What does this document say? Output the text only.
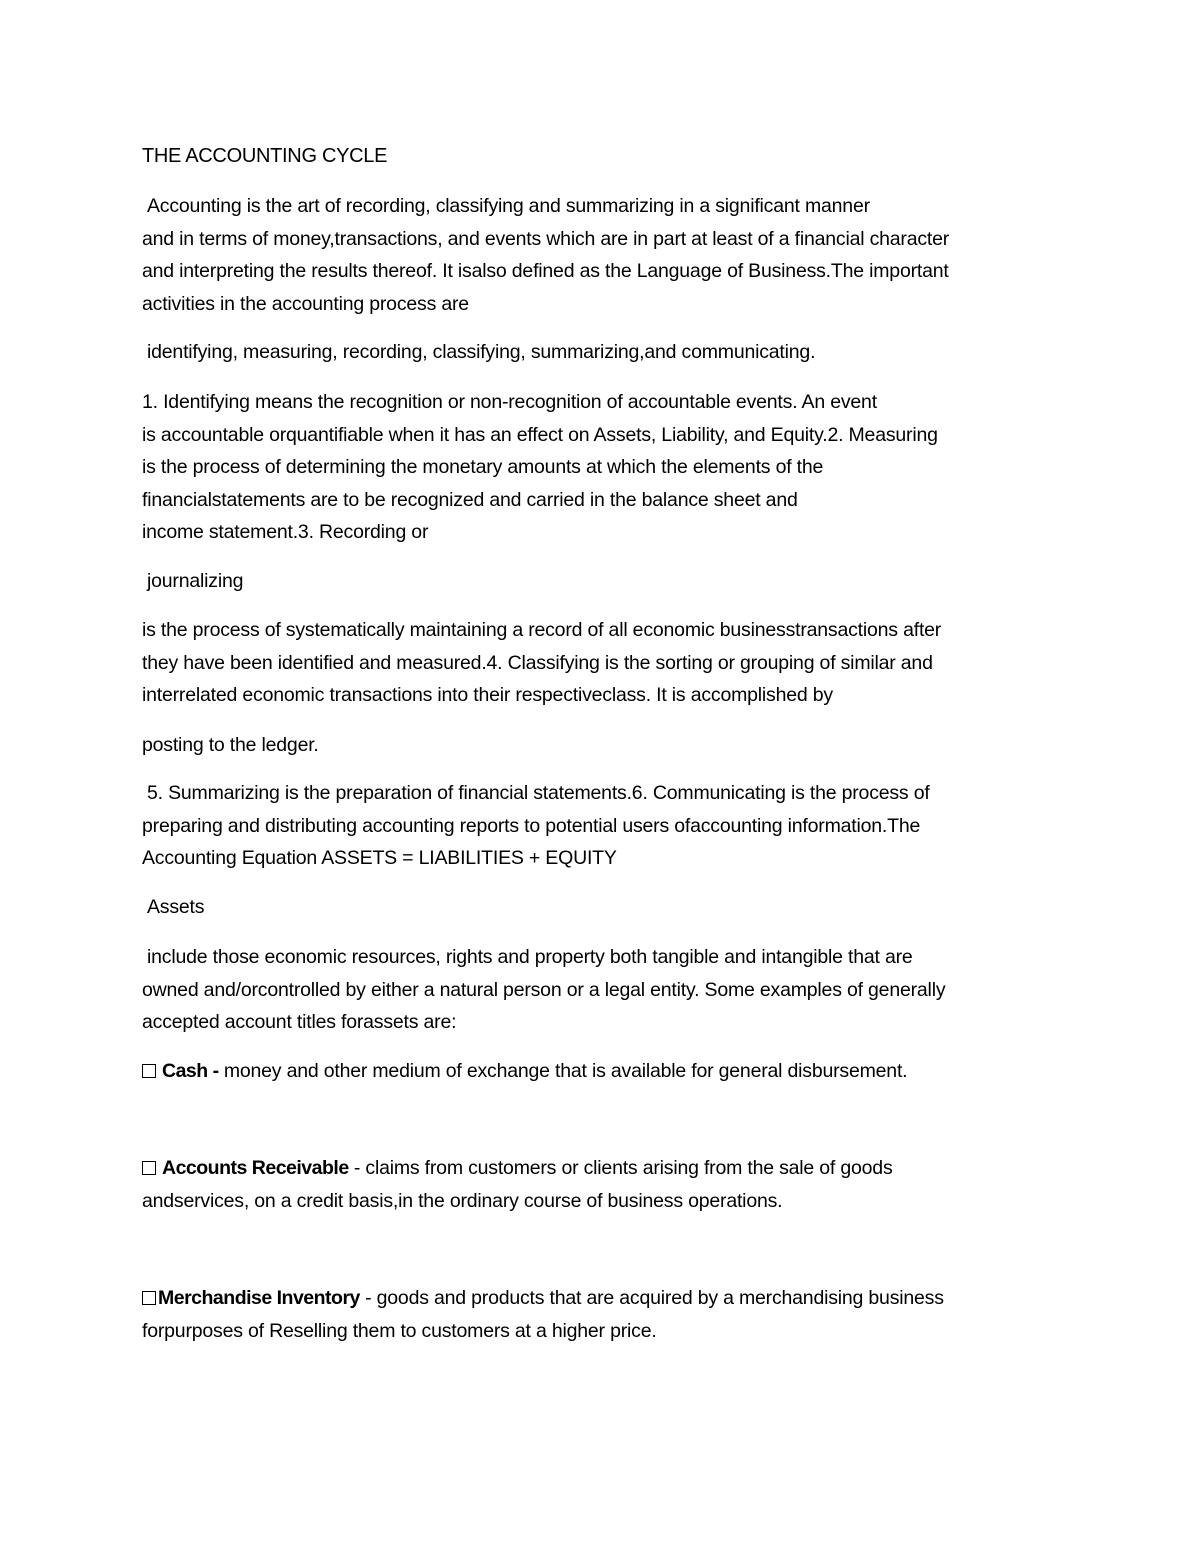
THE ACCOUNTING CYCLE
Accounting is the art of recording, classifying and summarizing in a significant manner
and in terms of money,transactions, and events which are in part at least of a financial character
and interpreting the results thereof. It isalso defined as the Language of Business.The important
activities in the accounting process are
identifying, measuring, recording, classifying, summarizing,and communicating.
1. Identifying means the recognition or non-recognition of accountable events. An event
is accountable orquantifiable when it has an effect on Assets, Liability, and Equity.2. Measuring
is the process of determining the monetary amounts at which the elements of the
financialstatements are to be recognized and carried in the balance sheet and
income statement.3. Recording or
journalizing
is the process of systematically maintaining a record of all economic businesstransactions after
they have been identified and measured.4. Classifying is the sorting or grouping of similar and
interrelated economic transactions into their respectiveclass. It is accomplished by
posting to the ledger.
5. Summarizing is the preparation of financial statements.6. Communicating is the process of
preparing and distributing accounting reports to potential users ofaccounting information.The
Accounting Equation ASSETS = LIABILITIES + EQUITY
Assets
include those economic resources, rights and property both tangible and intangible that are
owned and/orcontrolled by either a natural person or a legal entity. Some examples of generally
accepted account titles forassets are:
Cash - money and other medium of exchange that is available for general disbursement.
Accounts Receivable - claims from customers or clients arising from the sale of goods
andservices, on a credit basis,in the ordinary course of business operations.
Merchandise Inventory - goods and products that are acquired by a merchandising business
forpurposes of Reselling them to customers at a higher price.
